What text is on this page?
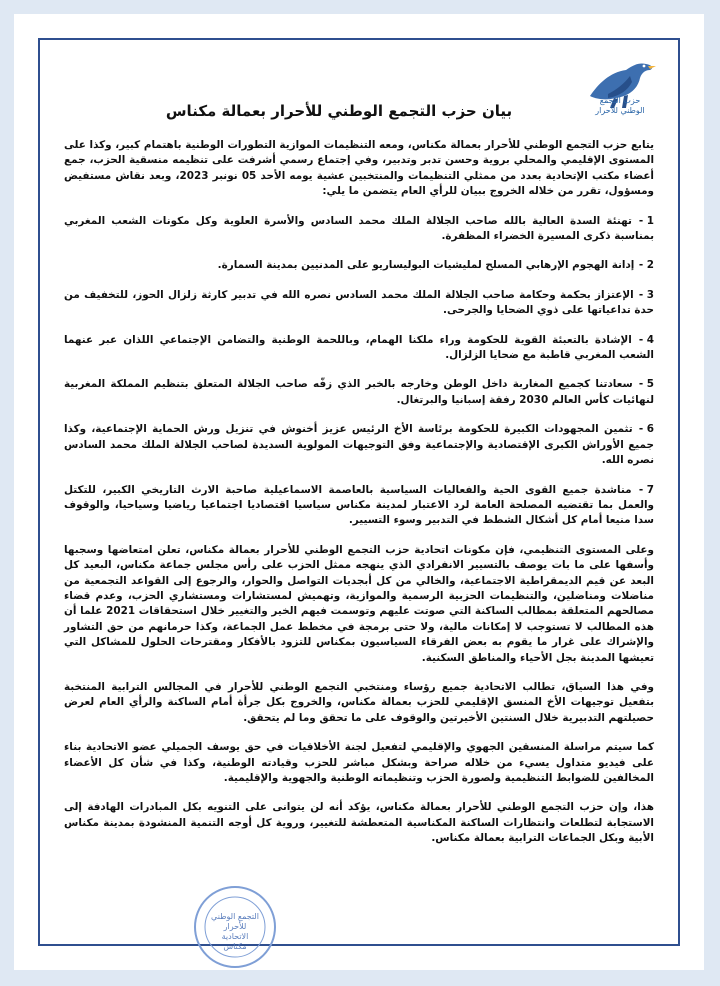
حزب التجمع
الوطني للأحرار
بيان حزب التجمع الوطني للأحرار بعمالة مكناس

يتابع حزب التجمع الوطني للأحرار بعمالة مكناس، ومعه التنظيمات الموازية التطورات الوطنية باهتمام كبير، وكذا على المستوى الإقليمي والمحلي بروية وحسن تدبر وتدبير، وفي إجتماع رسمي أشرفت على تنظيمه منسقية الحزب، جمع أعضاء مكتب الإتحادية بعدد من ممثلي التنظيمات والمنتخبين عشية يومه الأحد 05 نونبر 2023، وبعد نقاش مستفيض ومسؤول، تقرر من خلاله الخروج ببيان للرأي العام يتضمن ما يلي:

1 - تهنئة السدة العالية بالله صاحب الجلالة الملك محمد السادس والأسرة العلوية وكل مكونات الشعب المغربي بمناسبة ذكرى المسيرة الخضراء المظفرة.
2 - إدانة الهجوم الإرهابي المسلح لمليشيات البوليساريو على المدنيين بمدينة السمارة.
3 - الإعتزاز بحكمة وحكامة صاحب الجلالة الملك محمد السادس نصره الله في تدبير كارثة زلزال الحوز، للتخفيف من حدة تداعياتها على ذوي الضحايا والجرحى.
4 - الإشادة بالتعبئة القوية للحكومة وراء ملكنا الهمام، وباللحمة الوطنية والتضامن الإجتماعي اللذان عبر عنهما الشعب المغربي قاطبة مع ضحايا الزلزال.
5 - سعادتنا كجميع المغاربة داخل الوطن وخارجه بالخبر الذي زفّه صاحب الجلالة المتعلق بتنظيم المملكة المغربية لنهائيات كأس العالم 2030 رفقة إسبانيا والبرتغال.
6 - تثمين المجهودات الكبيرة للحكومة برئاسة الأخ الرئيس عزيز أخنوش في تنزيل ورش الحماية الإجتماعية، وكذا جميع الأوراش الكبرى الإقتصادية والإجتماعية وفق التوجيهات المولوية السديدة لصاحب الجلالة الملك محمد السادس نصره الله.
7 - مناشدة جميع القوى الحية والفعاليات السياسية بالعاصمة الاسماعيلية صاحبة الارث التاريخي الكبير، للتكتل والعمل بما تقتضيه المصلحة العامة لرد الاعتبار لمدينة مكناس سياسيا اقتصاديا اجتماعيا رياضيا وسياحيا، والوقوف سدا منيعا أمام كل أشكال الشطط في التدبير وسوء التسيير.

وعلى المستوى التنظيمي، فإن مكونات اتحادية حزب التجمع الوطني للأحرار بعمالة مكناس، تعلن امتعاضها وسجبها وأسفها على ما بات يوصف بالتسيير الانفرادي الذي ينهجه ممثل الحزب على رأس مجلس جماعة مكناس، البعيد كل البعد عن قيم الديمقراطية الاجتماعية، والخالي من كل أبجديات التواصل والحوار، والرجوع إلى القواعد التجمعية من مناضلات ومناضلين، والتنظيمات الحزبية الرسمية والموازية، وتهميش لمستشارات ومستشاري الحزب، وعدم قضاء مصالحهم المتعلقة بمطالب الساكنة التي صوتت عليهم وتوسمت فيهم الخير والتغيير خلال استحقاقات 2021 علما أن هذه المطالب لا تستوجب لا إمكانات مالية، ولا حتى برمجة في مخطط عمل الجماعة، وكذا حرمانهم من حق التشاور والإشراك على غرار ما يقوم به بعض الفرقاء السياسيون بمكناس للتزود بالأفكار ومقترحات الحلول للمشاكل التي تعيشها المدينة بجل الأحياء والمناطق السكنية.

وفي هذا السياق، تطالب الاتحادية جميع رؤساء ومنتخبي التجمع الوطني للأحرار في المجالس الترابية المنتخبة بتفعيل توجيهات الأخ المنسق الإقليمي للحزب بعمالة مكناس، والخروج بكل جرأة أمام الساكنة والرأي العام لعرض حصيلتهم التدبيرية خلال السنتين الأخيرتين والوقوف على ما تحقق وما لم يتحقق.

كما سيتم مراسلة المنسقين الجهوي والإقليمي لتفعيل لجنة الأخلاقيات في حق يوسف الجميلي عضو الاتحادية بناء على فيديو متداول يسيء من خلاله صراحة وبشكل مباشر للحزب وقيادته الوطنية، وكذا في شأن كل الأعضاء المخالفين للضوابط التنظيمية ولصورة الحزب وتنظيماته الوطنية والجهوية والإقليمية.

هذا، وإن حزب التجمع الوطني للأحرار بعمالة مكناس، يؤكد أنه لن يتوانى على التنويه بكل المبادرات الهادفة إلى الاستجابة لتطلعات وانتظارات الساكنة المكناسية المتعطشة للتغيير، وروية كل أوجه التنمية المنشودة بمدينة مكناس الأبية وبكل الجماعات الترابية بعمالة مكناس.

التجمع الوطني للأحرار
الاتحادية
مكناس
